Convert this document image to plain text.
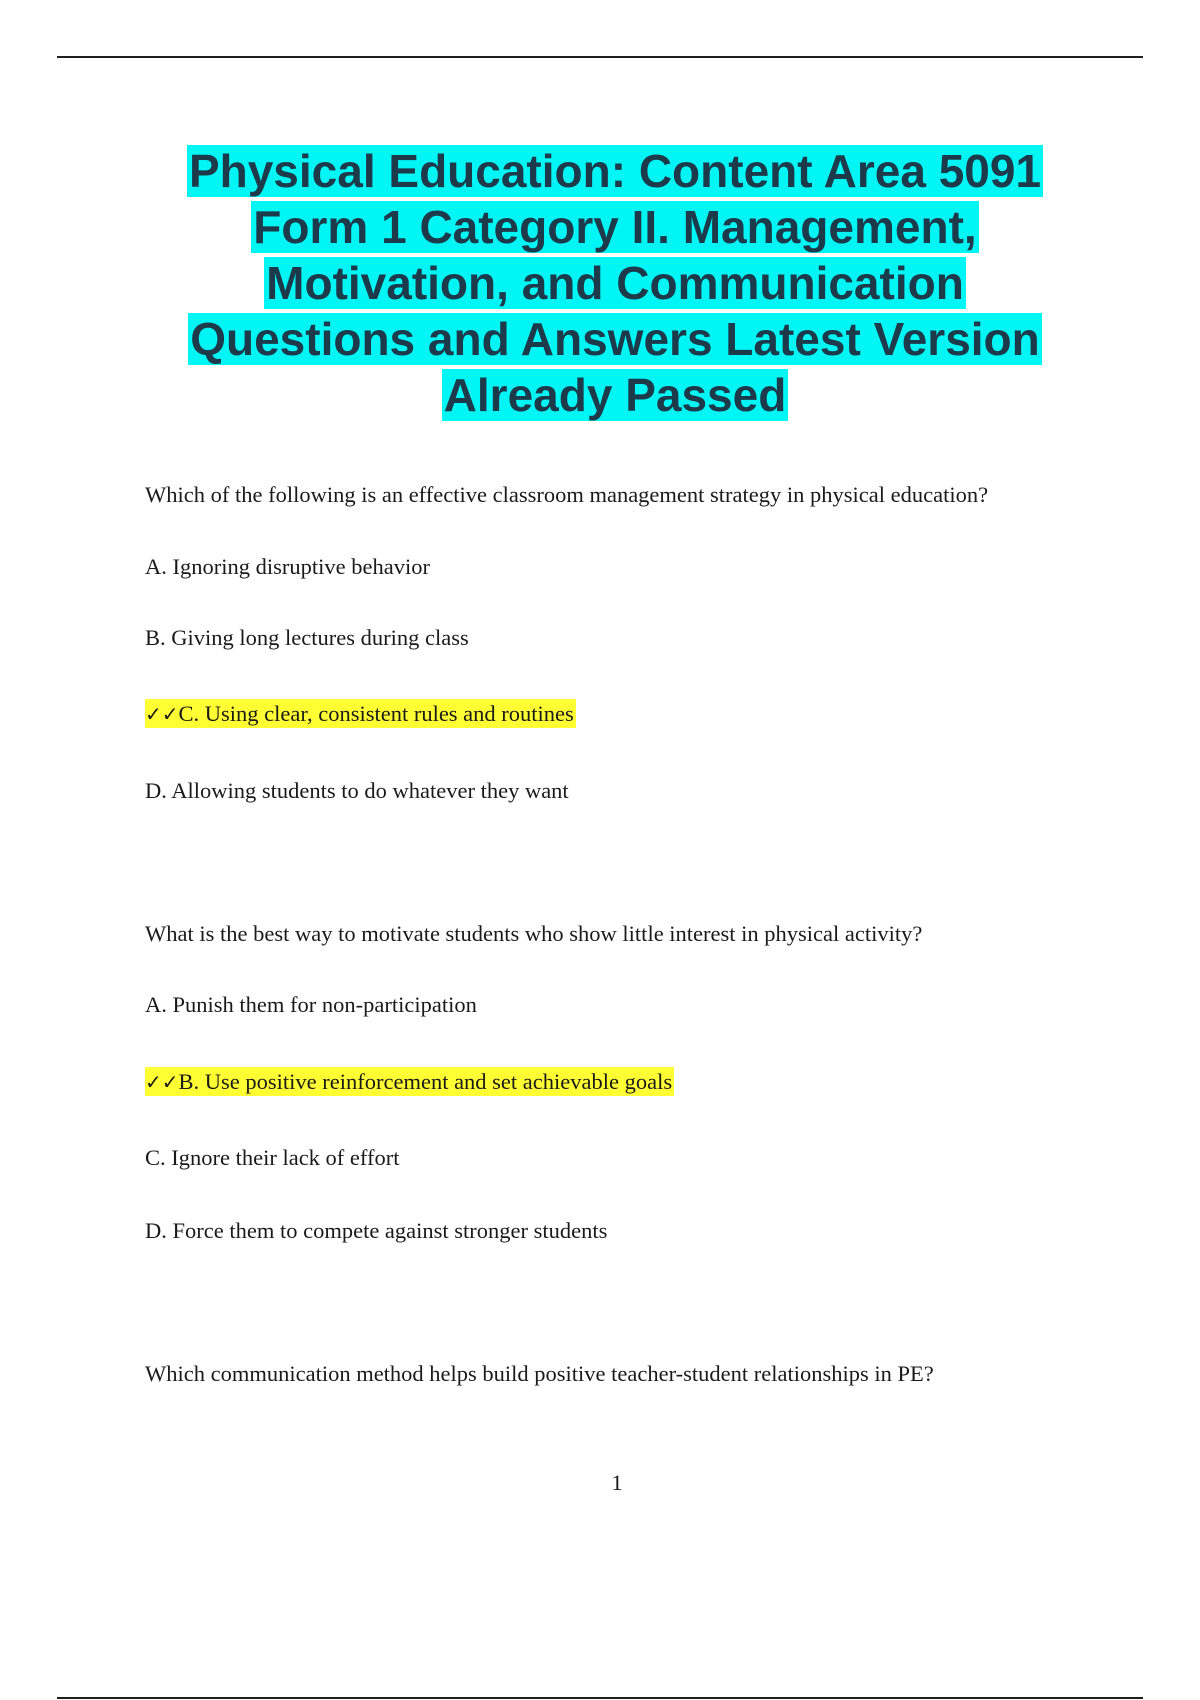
Physical Education: Content Area 5091 Form 1 Category II. Management, Motivation, and Communication Questions and Answers Latest Version Already Passed
Which of the following is an effective classroom management strategy in physical education?
A. Ignoring disruptive behavior
B. Giving long lectures during class
✓✓C. Using clear, consistent rules and routines
D. Allowing students to do whatever they want
What is the best way to motivate students who show little interest in physical activity?
A. Punish them for non-participation
✓✓B. Use positive reinforcement and set achievable goals
C. Ignore their lack of effort
D. Force them to compete against stronger students
Which communication method helps build positive teacher-student relationships in PE?
1
